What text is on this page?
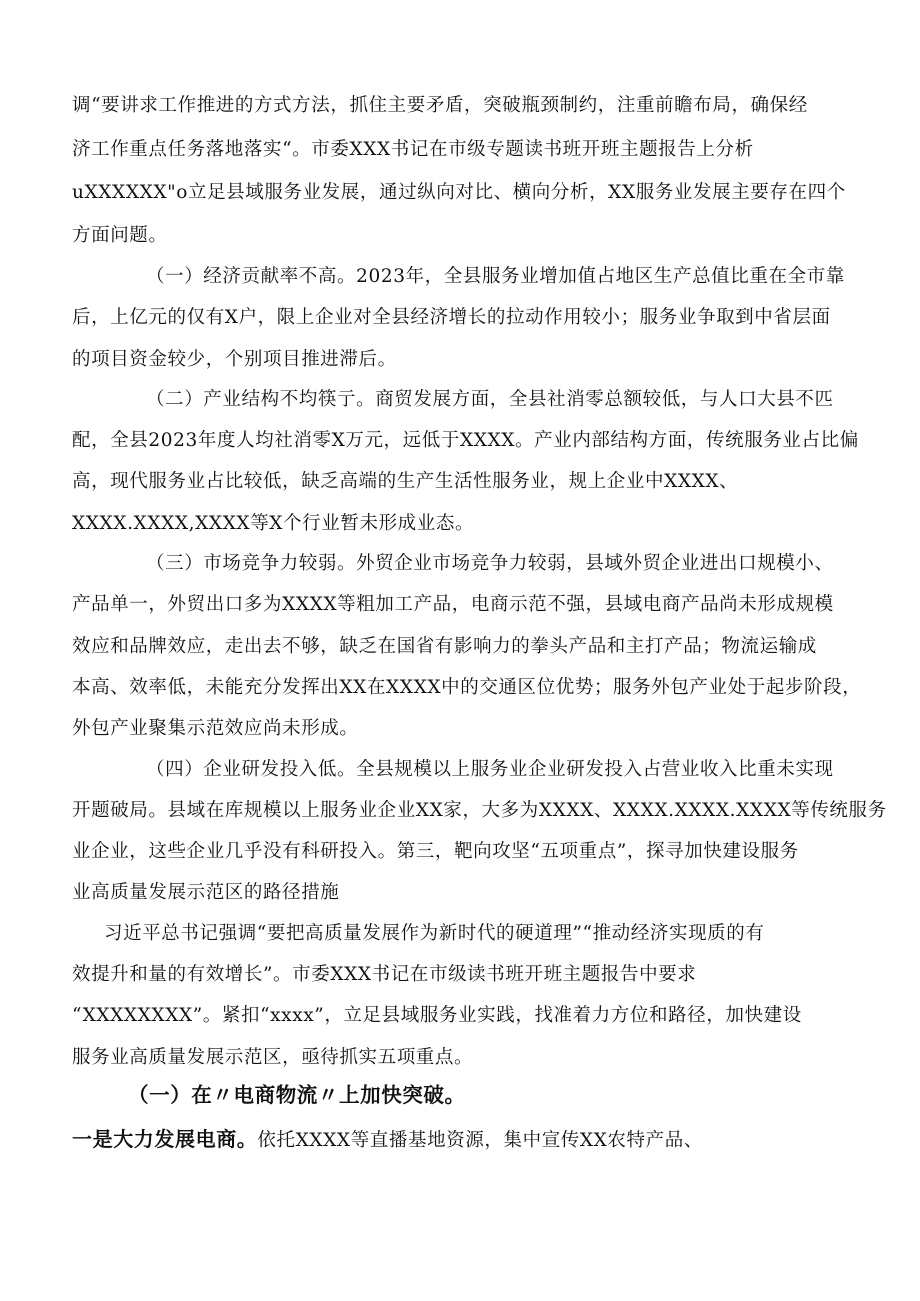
调“要讲求工作推进的方式方法，抓住主要矛盾，突破瓶颈制约，注重前瞻布局，确保经
济工作重点任务落地落实“。市委XXX书记在市级专题读书班开班主题报告上分析
uXXXXXX"o立足县域服务业发展，通过纵向对比、横向分析，XX服务业发展主要存在四个
方面问题。
（一）经济贡献率不高。2023年，全县服务业增加值占地区生产总值比重在全市靠
后，上亿元的仅有X户，限上企业对全县经济增长的拉动作用较小；服务业争取到中省层面
的项目资金较少，个别项目推进滞后。
（二）产业结构不均筷亍。商贸发展方面，全县社消零总额较低，与人口大县不匹
配，全县2023年度人均社消零X万元，远低于XXXX。产业内部结构方面，传统服务业占比偏
高，现代服务业占比较低，缺乏高端的生产生活性服务业，规上企业中XXXX、
XXXX.XXXX,XXXX等X个行业暂未形成业态。
（三）市场竞争力较弱。外贸企业市场竞争力较弱，县域外贸企业进出口规模小、
产品单一，外贸出口多为XXXX等粗加工产品，电商示范不强，县域电商产品尚未形成规模
效应和品牌效应，走出去不够，缺乏在国省有影响力的拳头产品和主打产品；物流运输成
本高、效率低，未能充分发挥出XX在XXXX中的交通区位优势；服务外包产业处于起步阶段，
外包产业聚集示范效应尚未形成。
（四）企业研发投入低。全县规模以上服务业企业研发投入占营业收入比重未实现
开题破局。县域在库规模以上服务业企业XX家，大多为XXXX、XXXX.XXXX.XXXX等传统服务
业企业，这些企业几乎没有科研投入。第三，靶向攻坚“五项重点”，探寻加快建设服务
业高质量发展示范区的路径措施
习近平总书记强调“要把高质量发展作为新时代的硬道理”“推动经济实现质的有
效提升和量的有效增长”。市委XXX书记在市级读书班开班主题报告中要求
“XXXXXXXX”。紧扣“xxxx”，立足县域服务业实践，找准着力方位和路径，加快建设
服务业高质量发展示范区，亟待抓实五项重点。
（一）在〃电商物流〃上加快突破。
一是大力发展电商。依托XXXX等直播基地资源，集中宣传XX农特产品、
